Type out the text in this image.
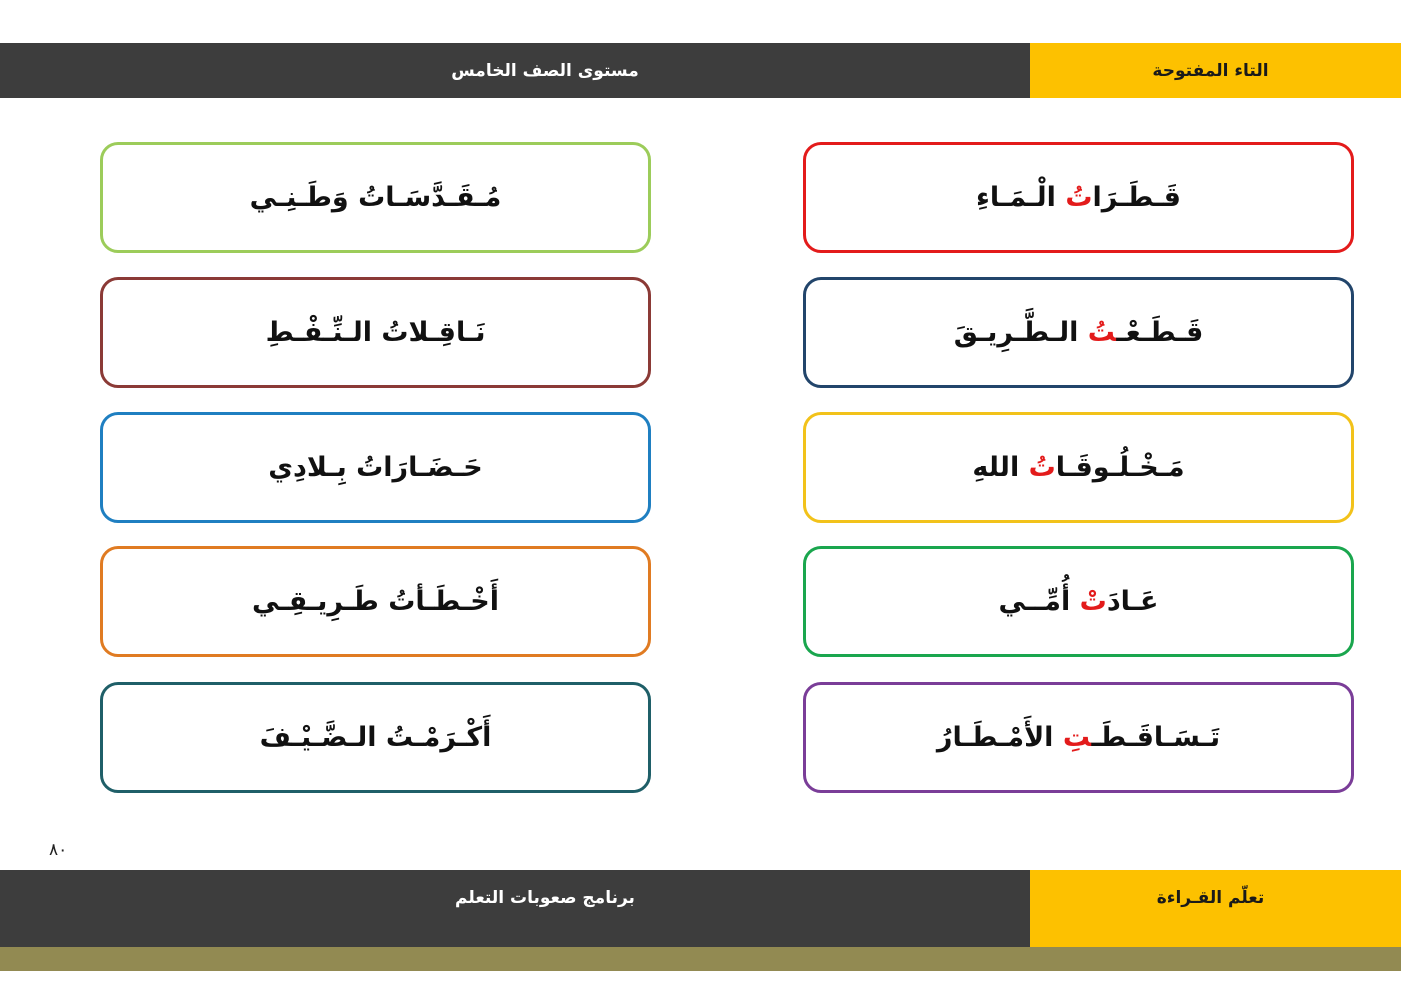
مستوى الصف الخامس	التاء المفتوحة
قَـطَـرَاتُ الْـمَـاءِ
قَـطَـعْـتُ الـطَّـرِيـقَ
مَـخْـلُـوقَـاتُ اللهِ
عَـادَتْ أُمِّــي
تَـسَـاقَـطَـتِ الأَمْـطَـارُ
مُـقَـدَّسَـاتُ وَطَـنِـي
نَـاقِـلاتُ الـنِّـفْـطِ
حَـضَـارَاتُ بِـلادِي
أَخْـطَـأتُ طَـرِيـقِـي
أَكْـرَمْـتُ الـضَّـيْـفَ
٨٠
برنامج صعوبات التعلم	تعلّم القـراءة
